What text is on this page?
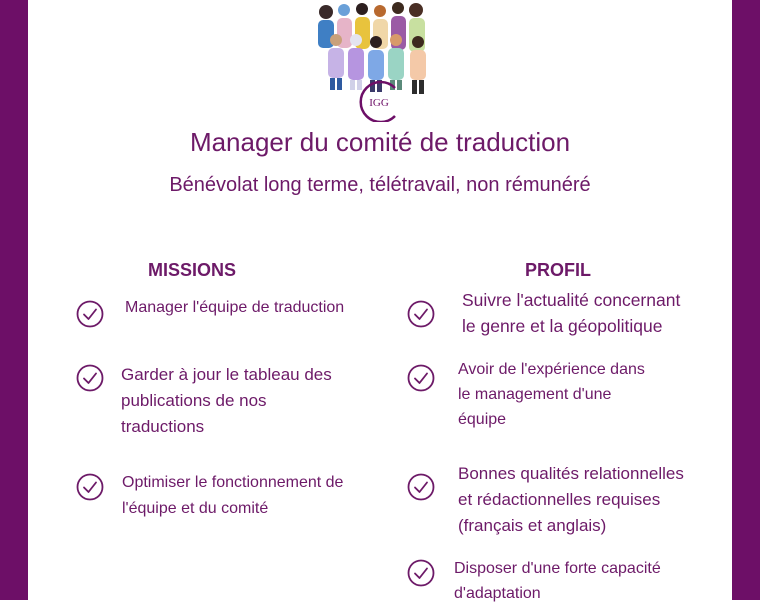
IGG
Manager du comité de traduction
Bénévolat long terme, télétravail, non rémunéré
MISSIONS	PROFIL
Manager l'équipe de traduction
Garder à jour le tableau des
publications de nos
traductions
Optimiser le fonctionnement de
l'équipe et du comité
Suivre l'actualité concernant
le genre et la géopolitique
Avoir de l'expérience dans
le management d'une
équipe
Bonnes qualités relationnelles
et rédactionnelles requises
(français et anglais)
Disposer d'une forte capacité
d'adaptation
